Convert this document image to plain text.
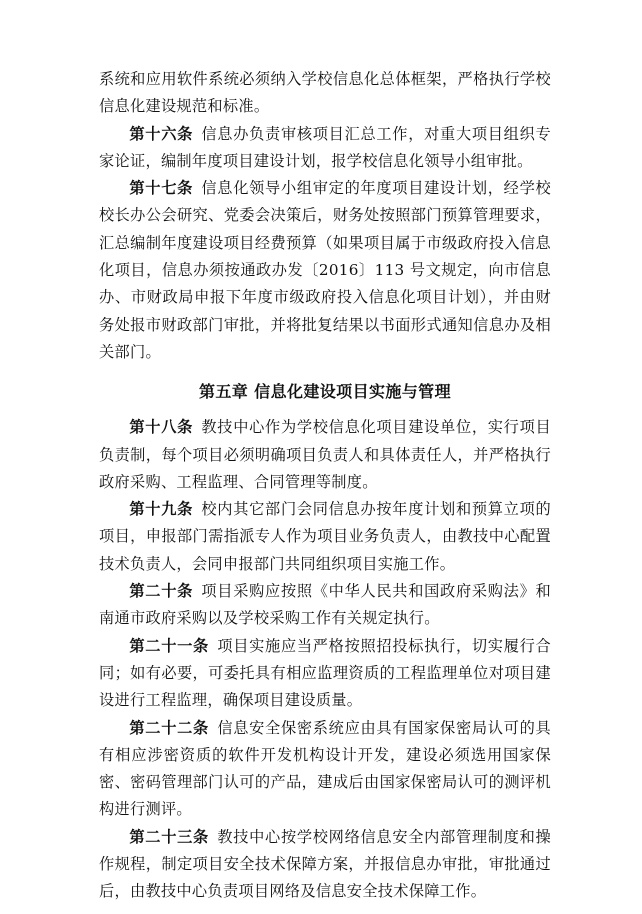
系统和应用软件系统必须纳入学校信息化总体框架，严格执行学校信息化建设规范和标准。

第十六条 信息办负责审核项目汇总工作，对重大项目组织专家论证，编制年度项目建设计划，报学校信息化领导小组审批。

第十七条 信息化领导小组审定的年度项目建设计划，经学校校长办公会研究、党委会决策后，财务处按照部门预算管理要求，汇总编制年度建设项目经费预算（如果项目属于市级政府投入信息化项目，信息办须按通政办发〔2016〕113 号文规定，向市信息办、市财政局申报下年度市级政府投入信息化项目计划），并由财务处报市财政部门审批，并将批复结果以书面形式通知信息办及相关部门。

第五章 信息化建设项目实施与管理

第十八条 教技中心作为学校信息化项目建设单位，实行项目负责制，每个项目必须明确项目负责人和具体责任人，并严格执行政府采购、工程监理、合同管理等制度。

第十九条 校内其它部门会同信息办按年度计划和预算立项的项目，申报部门需指派专人作为项目业务负责人，由教技中心配置技术负责人，会同申报部门共同组织项目实施工作。

第二十条 项目采购应按照《中华人民共和国政府采购法》和南通市政府采购以及学校采购工作有关规定执行。

第二十一条 项目实施应当严格按照招投标执行，切实履行合同；如有必要，可委托具有相应监理资质的工程监理单位对项目建设进行工程监理，确保项目建设质量。

第二十二条 信息安全保密系统应由具有国家保密局认可的具有相应涉密资质的软件开发机构设计开发，建设必须选用国家保密、密码管理部门认可的产品，建成后由国家保密局认可的测评机构进行测评。

第二十三条 教技中心按学校网络信息安全内部管理制度和操作规程，制定项目安全技术保障方案，并报信息办审批，审批通过后，由教技中心负责项目网络及信息安全技术保障工作。
